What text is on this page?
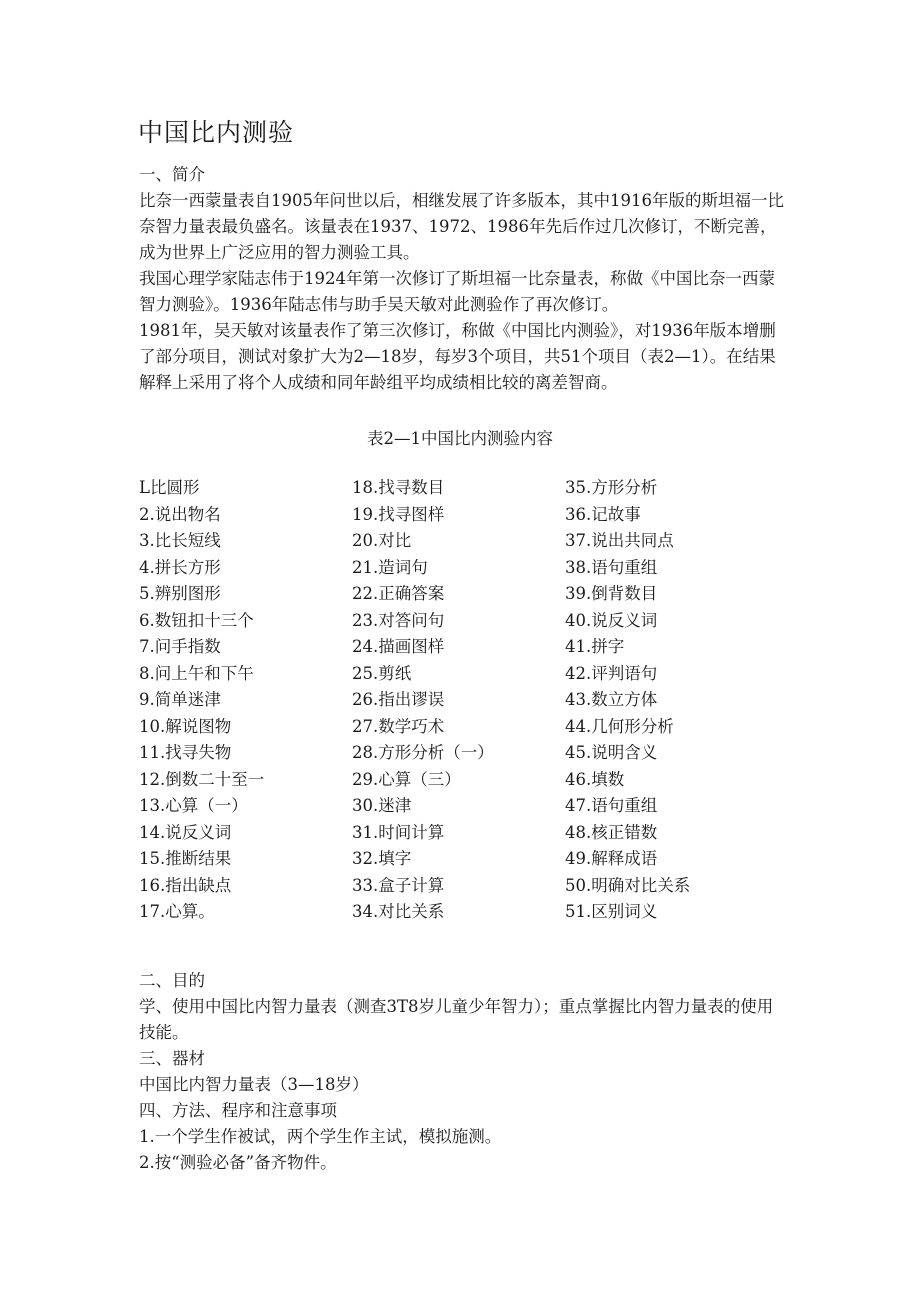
中国比内测验

一、简介

比奈一西蒙量表自1905年问世以后，相继发展了许多版本，其中1916年版的斯坦福一比奈智力量表最负盛名。该量表在1937、1972、1986年先后作过几次修订，不断完善，成为世界上广泛应用的智力测验工具。

我国心理学家陆志伟于1924年第一次修订了斯坦福一比奈量表，称做《中国比奈一西蒙智力测验》。1936年陆志伟与助手吴天敏对此测验作了再次修订。

1981年，吴天敏对该量表作了第三次修订，称做《中国比内测验》，对1936年版本增删了部分项目，测试对象扩大为2—18岁，每岁3个项目，共51个项目（表2—1）。在结果解释上采用了将个人成绩和同年龄组平均成绩相比较的离差智商。

表2—1中国比内测验内容

L比圆形	18.找寻数目	35.方形分析
2.说出物名	19.找寻图样	36.记故事
3.比长短线	20.对比	37.说出共同点
4.拼长方形	21.造词句	38.语句重组
5.辨别图形	22.正确答案	39.倒背数目
6.数钮扣十三个	23.对答问句	40.说反义词
7.问手指数	24.描画图样	41.拼字
8.问上午和下午	25.剪纸	42.评判语句
9.简单迷津	26.指出谬误	43.数立方体
10.解说图物	27.数学巧术	44.几何形分析
11.找寻失物	28.方形分析（一）	45.说明含义
12.倒数二十至一	29.心算（三）	46.填数
13.心算（一）	30.迷津	47.语句重组
14.说反义词	31.时间计算	48.核正错数
15.推断结果	32.填字	49.解释成语
16.指出缺点	33.盒子计算	50.明确对比关系
17.心算。	34.对比关系	51.区别词义

二、目的

学、使用中国比内智力量表（测查3T8岁儿童少年智力）；重点掌握比内智力量表的使用技能。

三、器材

中国比内智力量表（3—18岁）

四、方法、程序和注意事项

1.一个学生作被试，两个学生作主试，模拟施测。

2.按“测验必备”备齐物件。
